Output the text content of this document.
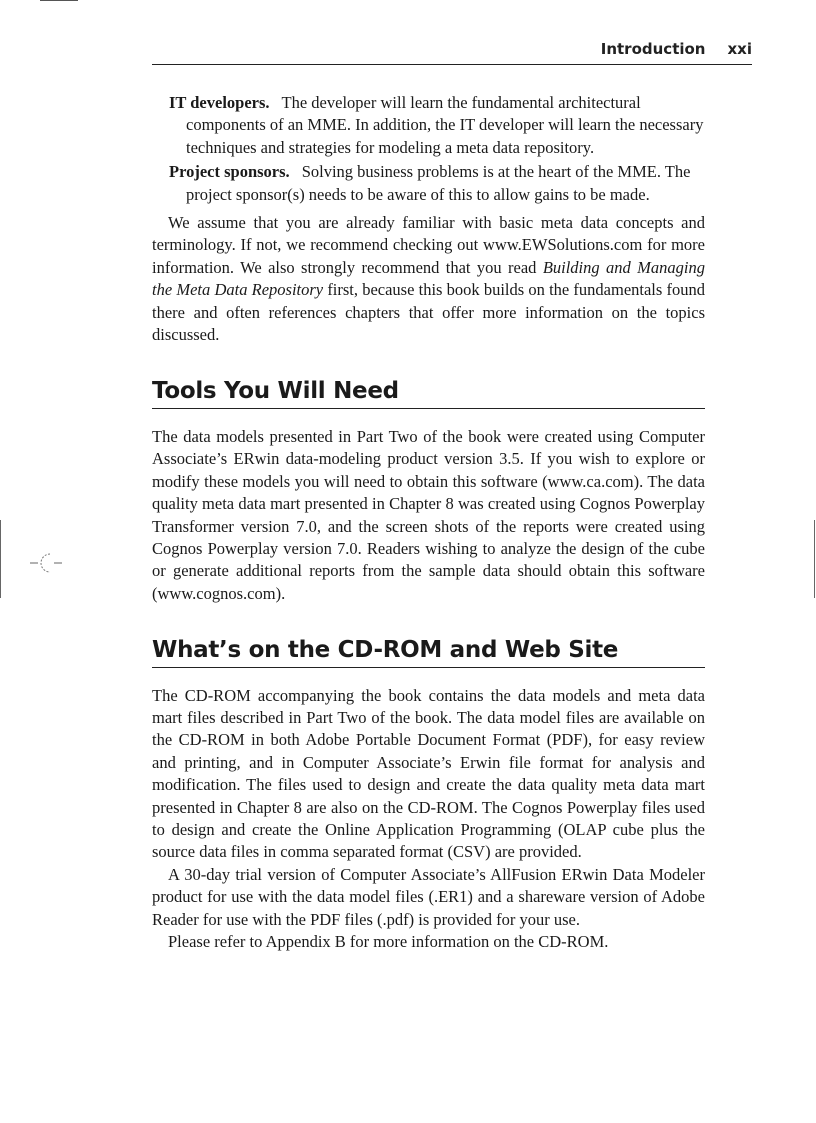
Introduction xxi

IT developers. The developer will learn the fundamental architectural components of an MME. In addition, the IT developer will learn the necessary techniques and strategies for modeling a meta data repository.

Project sponsors. Solving business problems is at the heart of the MME. The project sponsor(s) needs to be aware of this to allow gains to be made.

We assume that you are already familiar with basic meta data concepts and terminology. If not, we recommend checking out www.EWSolutions.com for more information. We also strongly recommend that you read Building and Managing the Meta Data Repository first, because this book builds on the fundamentals found there and often references chapters that offer more information on the topics discussed.

Tools You Will Need

The data models presented in Part Two of the book were created using Computer Associate’s ERwin data-modeling product version 3.5. If you wish to explore or modify these models you will need to obtain this software (www.ca.com). The data quality meta data mart presented in Chapter 8 was created using Cognos Powerplay Transformer version 7.0, and the screen shots of the reports were created using Cognos Powerplay version 7.0. Readers wishing to analyze the design of the cube or generate additional reports from the sample data should obtain this software (www.cognos.com).

What’s on the CD-ROM and Web Site

The CD-ROM accompanying the book contains the data models and meta data mart files described in Part Two of the book. The data model files are available on the CD-ROM in both Adobe Portable Document Format (PDF), for easy review and printing, and in Computer Associate’s Erwin file format for analysis and modification. The files used to design and create the data quality meta data mart presented in Chapter 8 are also on the CD-ROM. The Cognos Powerplay files used to design and create the Online Application Programming (OLAP cube plus the source data files in comma separated format (CSV) are provided.

A 30-day trial version of Computer Associate’s AllFusion ERwin Data Modeler product for use with the data model files (.ER1) and a shareware version of Adobe Reader for use with the PDF files (.pdf) is provided for your use.

Please refer to Appendix B for more information on the CD-ROM.
